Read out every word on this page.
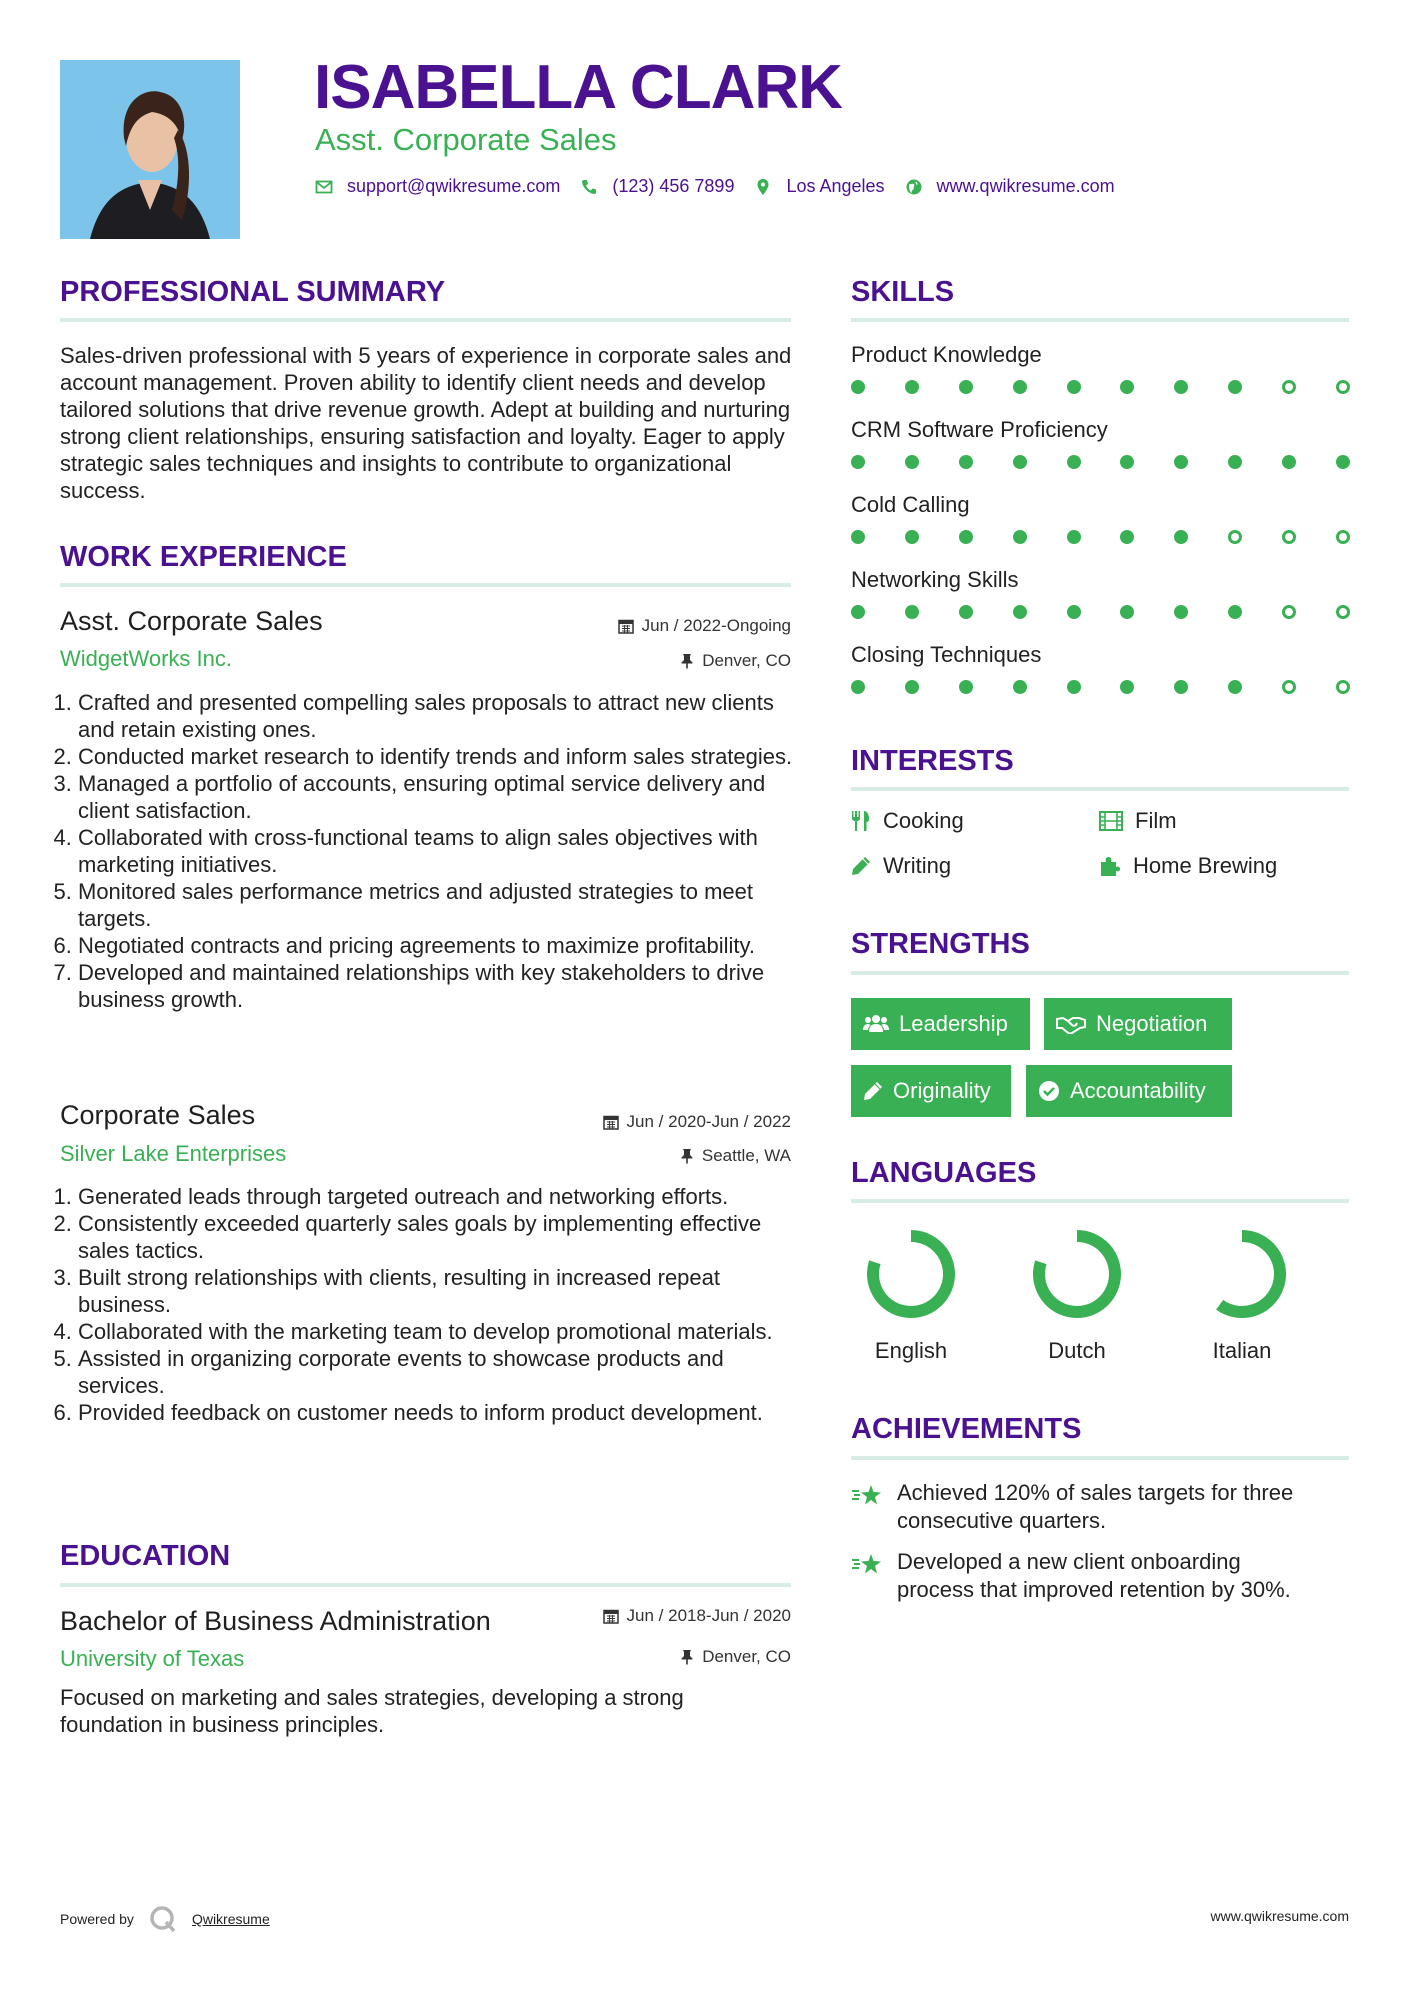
ISABELLA CLARK
Asst. Corporate Sales
support@qwikresume.com	(123) 456 7899	Los Angeles	www.qwikresume.com
PROFESSIONAL SUMMARY
Sales-driven professional with 5 years of experience in corporate sales and account management. Proven ability to identify client needs and develop tailored solutions that drive revenue growth. Adept at building and nurturing strong client relationships, ensuring satisfaction and loyalty. Eager to apply strategic sales techniques and insights to contribute to organizational success.
WORK EXPERIENCE
Asst. Corporate Sales	Jun / 2022-Ongoing
WidgetWorks Inc.	Denver, CO
1. Crafted and presented compelling sales proposals to attract new clients and retain existing ones.
2. Conducted market research to identify trends and inform sales strategies.
3. Managed a portfolio of accounts, ensuring optimal service delivery and client satisfaction.
4. Collaborated with cross-functional teams to align sales objectives with marketing initiatives.
5. Monitored sales performance metrics and adjusted strategies to meet targets.
6. Negotiated contracts and pricing agreements to maximize profitability.
7. Developed and maintained relationships with key stakeholders to drive business growth.
Corporate Sales	Jun / 2020-Jun / 2022
Silver Lake Enterprises	Seattle, WA
1. Generated leads through targeted outreach and networking efforts.
2. Consistently exceeded quarterly sales goals by implementing effective sales tactics.
3. Built strong relationships with clients, resulting in increased repeat business.
4. Collaborated with the marketing team to develop promotional materials.
5. Assisted in organizing corporate events to showcase products and services.
6. Provided feedback on customer needs to inform product development.
EDUCATION
Bachelor of Business Administration	Jun / 2018-Jun / 2020
University of Texas	Denver, CO
Focused on marketing and sales strategies, developing a strong foundation in business principles.
SKILLS
Product Knowledge
CRM Software Proficiency
Cold Calling
Networking Skills
Closing Techniques
INTERESTS
Cooking	Film
Writing	Home Brewing
STRENGTHS
Leadership	Negotiation
Originality	Accountability
LANGUAGES
English	Dutch	Italian
ACHIEVEMENTS
Achieved 120% of sales targets for three consecutive quarters.
Developed a new client onboarding process that improved retention by 30%.
Powered by	Qwikresume	www.qwikresume.com
